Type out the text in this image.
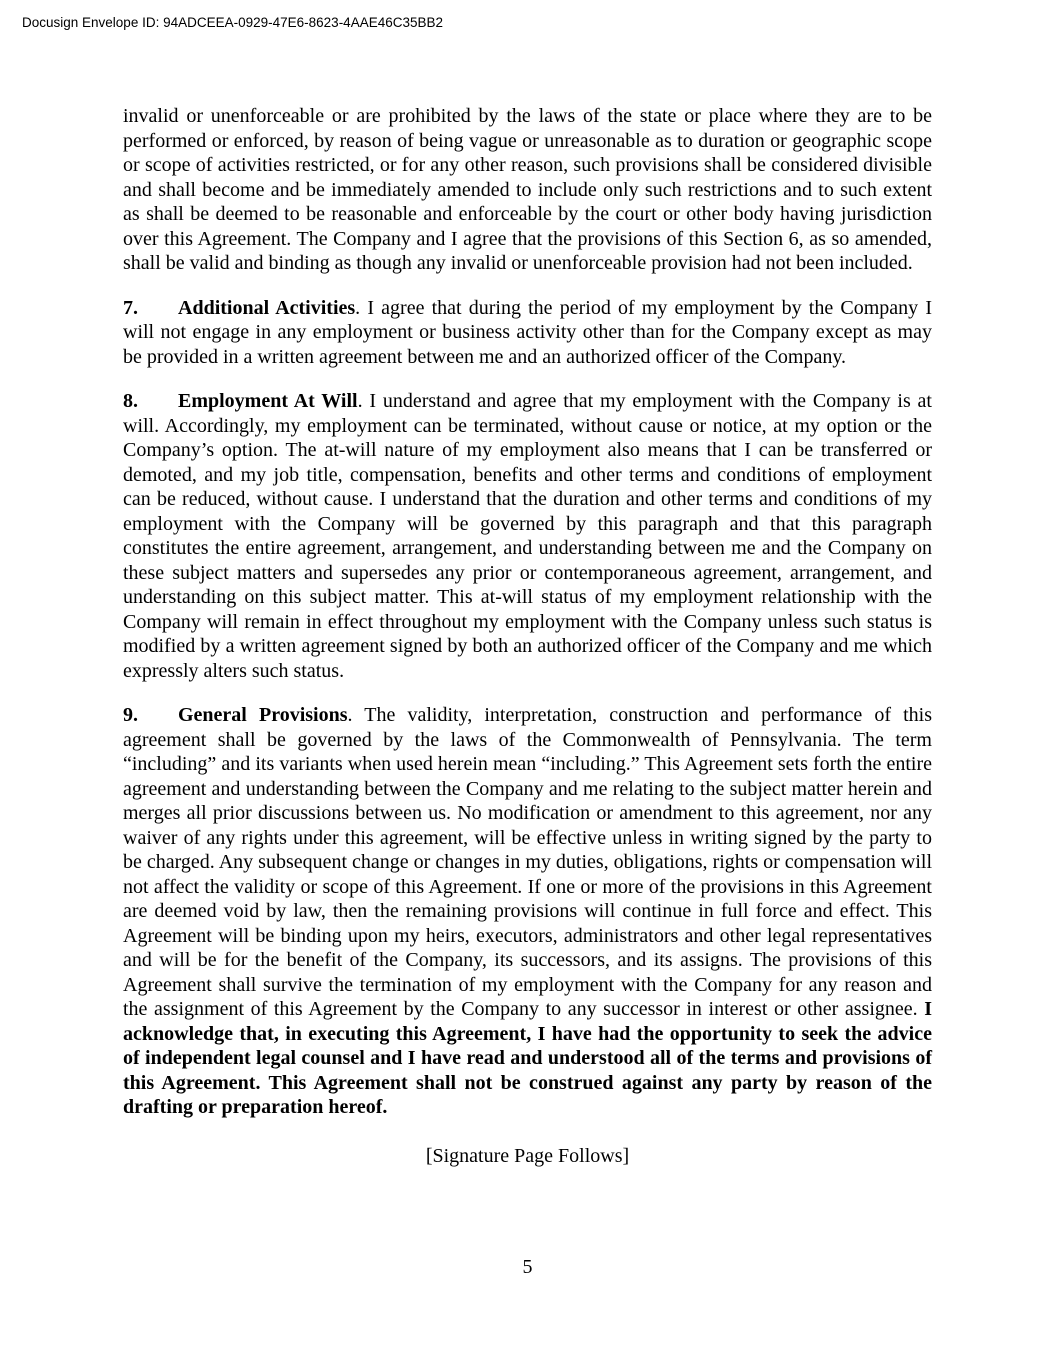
Docusign Envelope ID: 94ADCEEA-0929-47E6-8623-4AAE46C35BB2

invalid or unenforceable or are prohibited by the laws of the state or place where they are to be performed or enforced, by reason of being vague or unreasonable as to duration or geographic scope or scope of activities restricted, or for any other reason, such provisions shall be considered divisible and shall become and be immediately amended to include only such restrictions and to such extent as shall be deemed to be reasonable and enforceable by the court or other body having jurisdiction over this Agreement. The Company and I agree that the provisions of this Section 6, as so amended, shall be valid and binding as though any invalid or unenforceable provision had not been included.

7. Additional Activities. I agree that during the period of my employment by the Company I will not engage in any employment or business activity other than for the Company except as may be provided in a written agreement between me and an authorized officer of the Company.

8. Employment At Will. I understand and agree that my employment with the Company is at will. Accordingly, my employment can be terminated, without cause or notice, at my option or the Company’s option. The at-will nature of my employment also means that I can be transferred or demoted, and my job title, compensation, benefits and other terms and conditions of employment can be reduced, without cause. I understand that the duration and other terms and conditions of my employment with the Company will be governed by this paragraph and that this paragraph constitutes the entire agreement, arrangement, and understanding between me and the Company on these subject matters and supersedes any prior or contemporaneous agreement, arrangement, and understanding on this subject matter. This at-will status of my employment relationship with the Company will remain in effect throughout my employment with the Company unless such status is modified by a written agreement signed by both an authorized officer of the Company and me which expressly alters such status.

9. General Provisions. The validity, interpretation, construction and performance of this agreement shall be governed by the laws of the Commonwealth of Pennsylvania. The term “including” and its variants when used herein mean “including.” This Agreement sets forth the entire agreement and understanding between the Company and me relating to the subject matter herein and merges all prior discussions between us. No modification or amendment to this agreement, nor any waiver of any rights under this agreement, will be effective unless in writing signed by the party to be charged. Any subsequent change or changes in my duties, obligations, rights or compensation will not affect the validity or scope of this Agreement. If one or more of the provisions in this Agreement are deemed void by law, then the remaining provisions will continue in full force and effect. This Agreement will be binding upon my heirs, executors, administrators and other legal representatives and will be for the benefit of the Company, its successors, and its assigns. The provisions of this Agreement shall survive the termination of my employment with the Company for any reason and the assignment of this Agreement by the Company to any successor in interest or other assignee. I acknowledge that, in executing this Agreement, I have had the opportunity to seek the advice of independent legal counsel and I have read and understood all of the terms and provisions of this Agreement. This Agreement shall not be construed against any party by reason of the drafting or preparation hereof.

[Signature Page Follows]

5
